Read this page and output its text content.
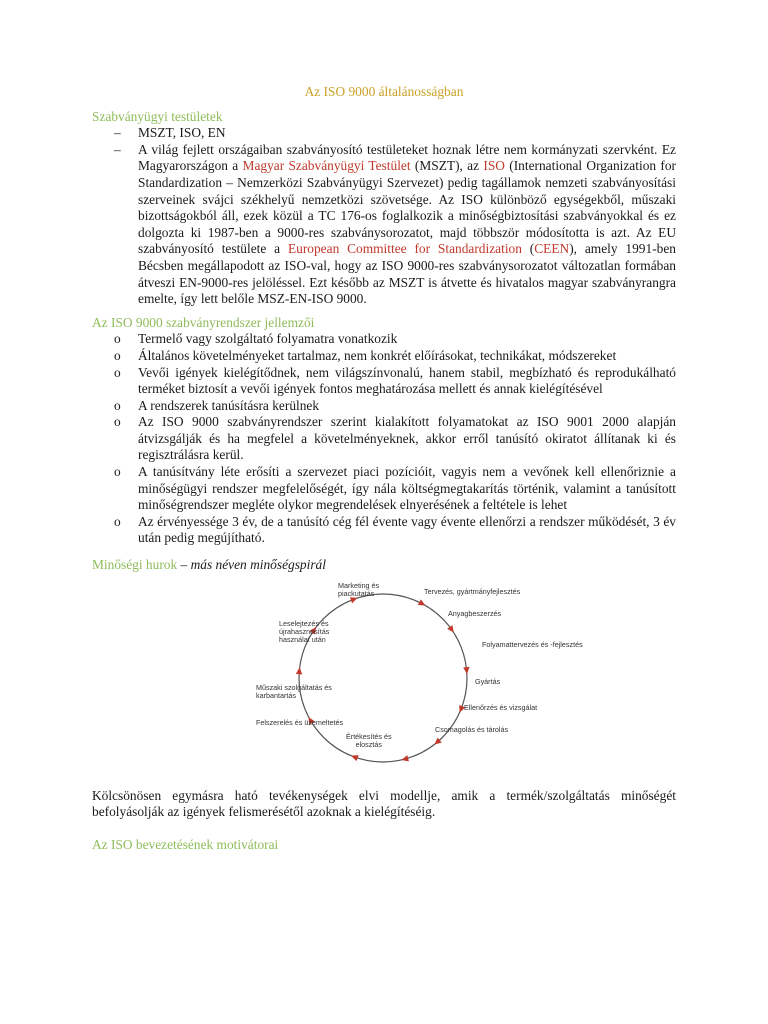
Az ISO 9000 általánosságban
Szabványügyi testületek
– MSZT, ISO, EN
– A világ fejlett országaiban szabványosító testületeket hoznak létre nem kormányzati szervként. Ez Magyarországon a Magyar Szabványügyi Testület (MSZT), az ISO (International Organization for Standardization – Nemzerközi Szabványügyi Szervezet) pedig tagállamok nemzeti szabványosítási szerveinek svájci székhelyű nemzetközi szövetsége. Az ISO különböző egységekből, műszaki bizottságokból áll, ezek közül a TC 176-os foglalkozik a minőségbiztosítási szabványokkal és ez dolgozta ki 1987-ben a 9000-res szabványsorozatot, majd többször módosította is azt. Az EU szabványosító testülete a European Committee for Standardization (CEEN), amely 1991-ben Bécsben megállapodott az ISO-val, hogy az ISO 9000-res szabványsorozatot változatlan formában átveszi EN-9000-res jelöléssel. Ezt később az MSZT is átvette és hivatalos magyar szabványrangra emelte, így lett belőle MSZ-EN-ISO 9000.
Az ISO 9000 szabványrendszer jellemzői
o Termelő vagy szolgáltató folyamatra vonatkozik
o Általános követelményeket tartalmaz, nem konkrét előírásokat, technikákat, módszereket
o Vevői igények kielégítődnek, nem világszínvonalú, hanem stabil, megbízható és reprodukálható terméket biztosít a vevői igények fontos meghatározása mellett és annak kielégítésével
o A rendszerek tanúsításra kerülnek
o Az ISO 9000 szabványrendszer szerint kialakított folyamatokat az ISO 9001 2000 alapján átvizsgálják és ha megfelel a követelményeknek, akkor erről tanúsító okiratot állítanak ki és regisztrálásra kerül.
o A tanúsítvány léte erősíti a szervezet piaci pozícióit, vagyis nem a vevőnek kell ellenőriznie a minőségügyi rendszer megfelelőségét, így nála költségmegtakarítás történik, valamint a tanúsított minőségrendszer megléte olykor megrendelések elnyerésének a feltétele is lehet
o Az érvényessége 3 év, de a tanúsító cég fél évente vagy évente ellenőrzi a rendszer működését, 3 év után pedig megújítható.
Minőségi hurok – más néven minőségspirál
Marketing és
piackutatás	Tervezés, gyártmányfejlesztés
Anyagbeszerzés
Folyamattervezés és -fejlesztés
Gyártás
Ellenőrzés és vizsgálat
Csomagolás és tárolás
Értékesítés és
elosztás
Felszerelés és üzemeltetés
Műszaki szolgáltatás és
karbantartás
Leselejtezés és
újrahasznosítás
használat után
Kölcsönösen egymásra ható tevékenységek elvi modellje, amik a termék/szolgáltatás minőségét befolyásolják az igények felismerésétől azoknak a kielégítéséig.
Az ISO bevezetésének motivátorai
